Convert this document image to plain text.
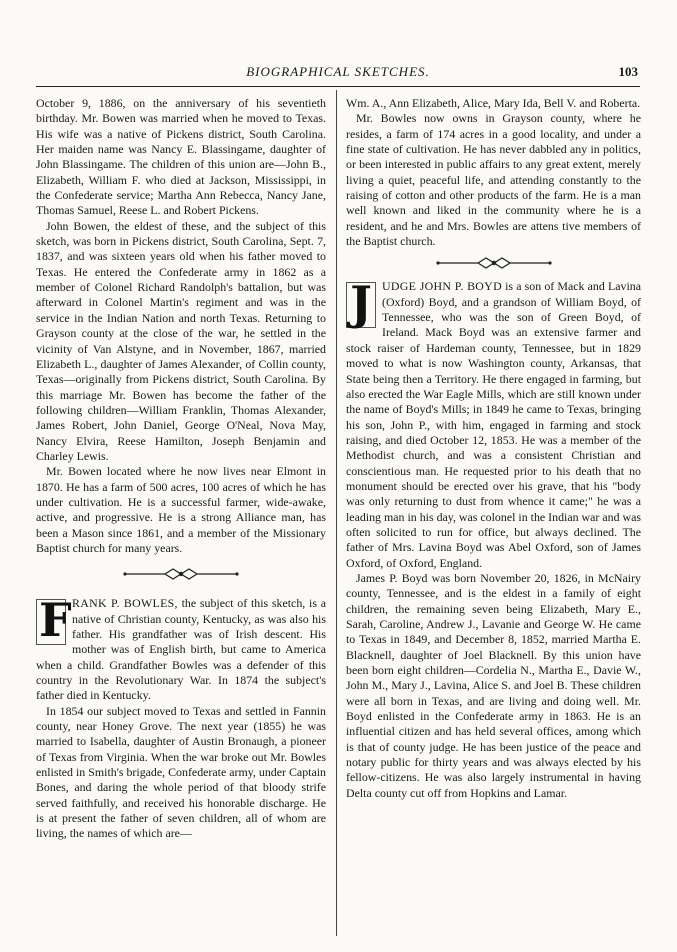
BIOGRAPHICAL SKETCHES.	103

October 9, 1886, on the anniversary of his seventieth birthday. Mr. Bowen was married when he moved to Texas. His wife was a native of Pickens district, South Carolina. Her maiden name was Nancy E. Blassingame, daughter of John Blassingame. The children of this union are—John B., Elizabeth, William F. who died at Jackson, Mississippi, in the Confederate service; Martha Ann Rebecca, Nancy Jane, Thomas Samuel, Reese L. and Robert Pickens.

John Bowen, the eldest of these, and the subject of this sketch, was born in Pickens district, South Carolina, Sept. 7, 1837, and was sixteen years old when his father moved to Texas. He entered the Confederate army in 1862 as a member of Colonel Richard Randolph's battalion, but was afterward in Colonel Martin's regiment and was in the service in the Indian Nation and north Texas. Returning to Grayson county at the close of the war, he settled in the vicinity of Van Alstyne, and in November, 1867, married Elizabeth L., daughter of James Alexander, of Collin county, Texas—originally from Pickens district, South Carolina. By this marriage Mr. Bowen has become the father of the following children—William Franklin, Thomas Alexander, James Robert, John Daniel, George O'Neal, Nova May, Nancy Elvira, Reese Hamilton, Joseph Benjamin and Charley Lewis.

Mr. Bowen located where he now lives near Elmont in 1870. He has a farm of 500 acres, 100 acres of which he has under cultivation. He is a successful farmer, wide-awake, active, and progressive. He is a strong Alliance man, has been a Mason since 1861, and a member of the Missionary Baptist church for many years.

F RANK P. BOWLES, the subject of this sketch, is a native of Christian county, Kentucky, as was also his father. His grandfather was of Irish descent. His mother was of English birth, but came to America when a child. Grandfather Bowles was a defender of this country in the Revolutionary War. In 1874 the subject's father died in Kentucky.

In 1854 our subject moved to Texas and settled in Fannin county, near Honey Grove. The next year (1855) he was married to Isabella, daughter of Austin Bronaugh, a pioneer of Texas from Virginia. When the war broke out Mr. Bowles enlisted in Smith's brigade, Confederate army, under Captain Bones, and daring the whole period of that bloody strife served faithfully, and received his honorable discharge. He is at present the father of seven children, all of whom are living, the names of which are—

Wm. A., Ann Elizabeth, Alice, Mary Ida, Bell V. and Roberta.

Mr. Bowles now owns in Grayson county, where he resides, a farm of 174 acres in a good locality, and under a fine state of cultivation. He has never dabbled any in politics, or been interested in public affairs to any great extent, merely living a quiet, peaceful life, and attending constantly to the raising of cotton and other products of the farm. He is a man well known and liked in the community where he is a resident, and he and Mrs. Bowles are attens tive members of the Baptist church.

J UDGE JOHN P. BOYD is a son of Mack and Lavina (Oxford) Boyd, and a grandson of William Boyd, of Tennessee, who was the son of Green Boyd, of Ireland. Mack Boyd was an extensive farmer and stock raiser of Hardeman county, Tennessee, but in 1829 moved to what is now Washington county, Arkansas, that State being then a Territory. He there engaged in farming, but also erected the War Eagle Mills, which are still known under the name of Boyd's Mills; in 1849 he came to Texas, bringing his son, John P., with him, engaged in farming and stock raising, and died October 12, 1853. He was a member of the Methodist church, and was a consistent Christian and conscientious man. He requested prior to his death that no monument should be erected over his grave, that his "body was only returning to dust from whence it came;" he was a leading man in his day, was colonel in the Indian war and was often solicited to run for office, but always declined. The father of Mrs. Lavina Boyd was Abel Oxford, son of James Oxford, of Oxford, England.

James P. Boyd was born November 20, 1826, in McNairy county, Tennessee, and is the eldest in a family of eight children, the remaining seven being Elizabeth, Mary E., Sarah, Caroline, Andrew J., Lavanie and George W. He came to Texas in 1849, and December 8, 1852, married Martha E. Blacknell, daughter of Joel Blacknell. By this union have been born eight children—Cordelia N., Martha E., Davie W., John M., Mary J., Lavina, Alice S. and Joel B. These children were all born in Texas, and are living and doing well. Mr. Boyd enlisted in the Confederate army in 1863. He is an influential citizen and has held several offices, among which is that of county judge. He has been justice of the peace and notary public for thirty years and was always elected by his fellow-citizens. He was also largely instrumental in having Delta county cut off from Hopkins and Lamar.
